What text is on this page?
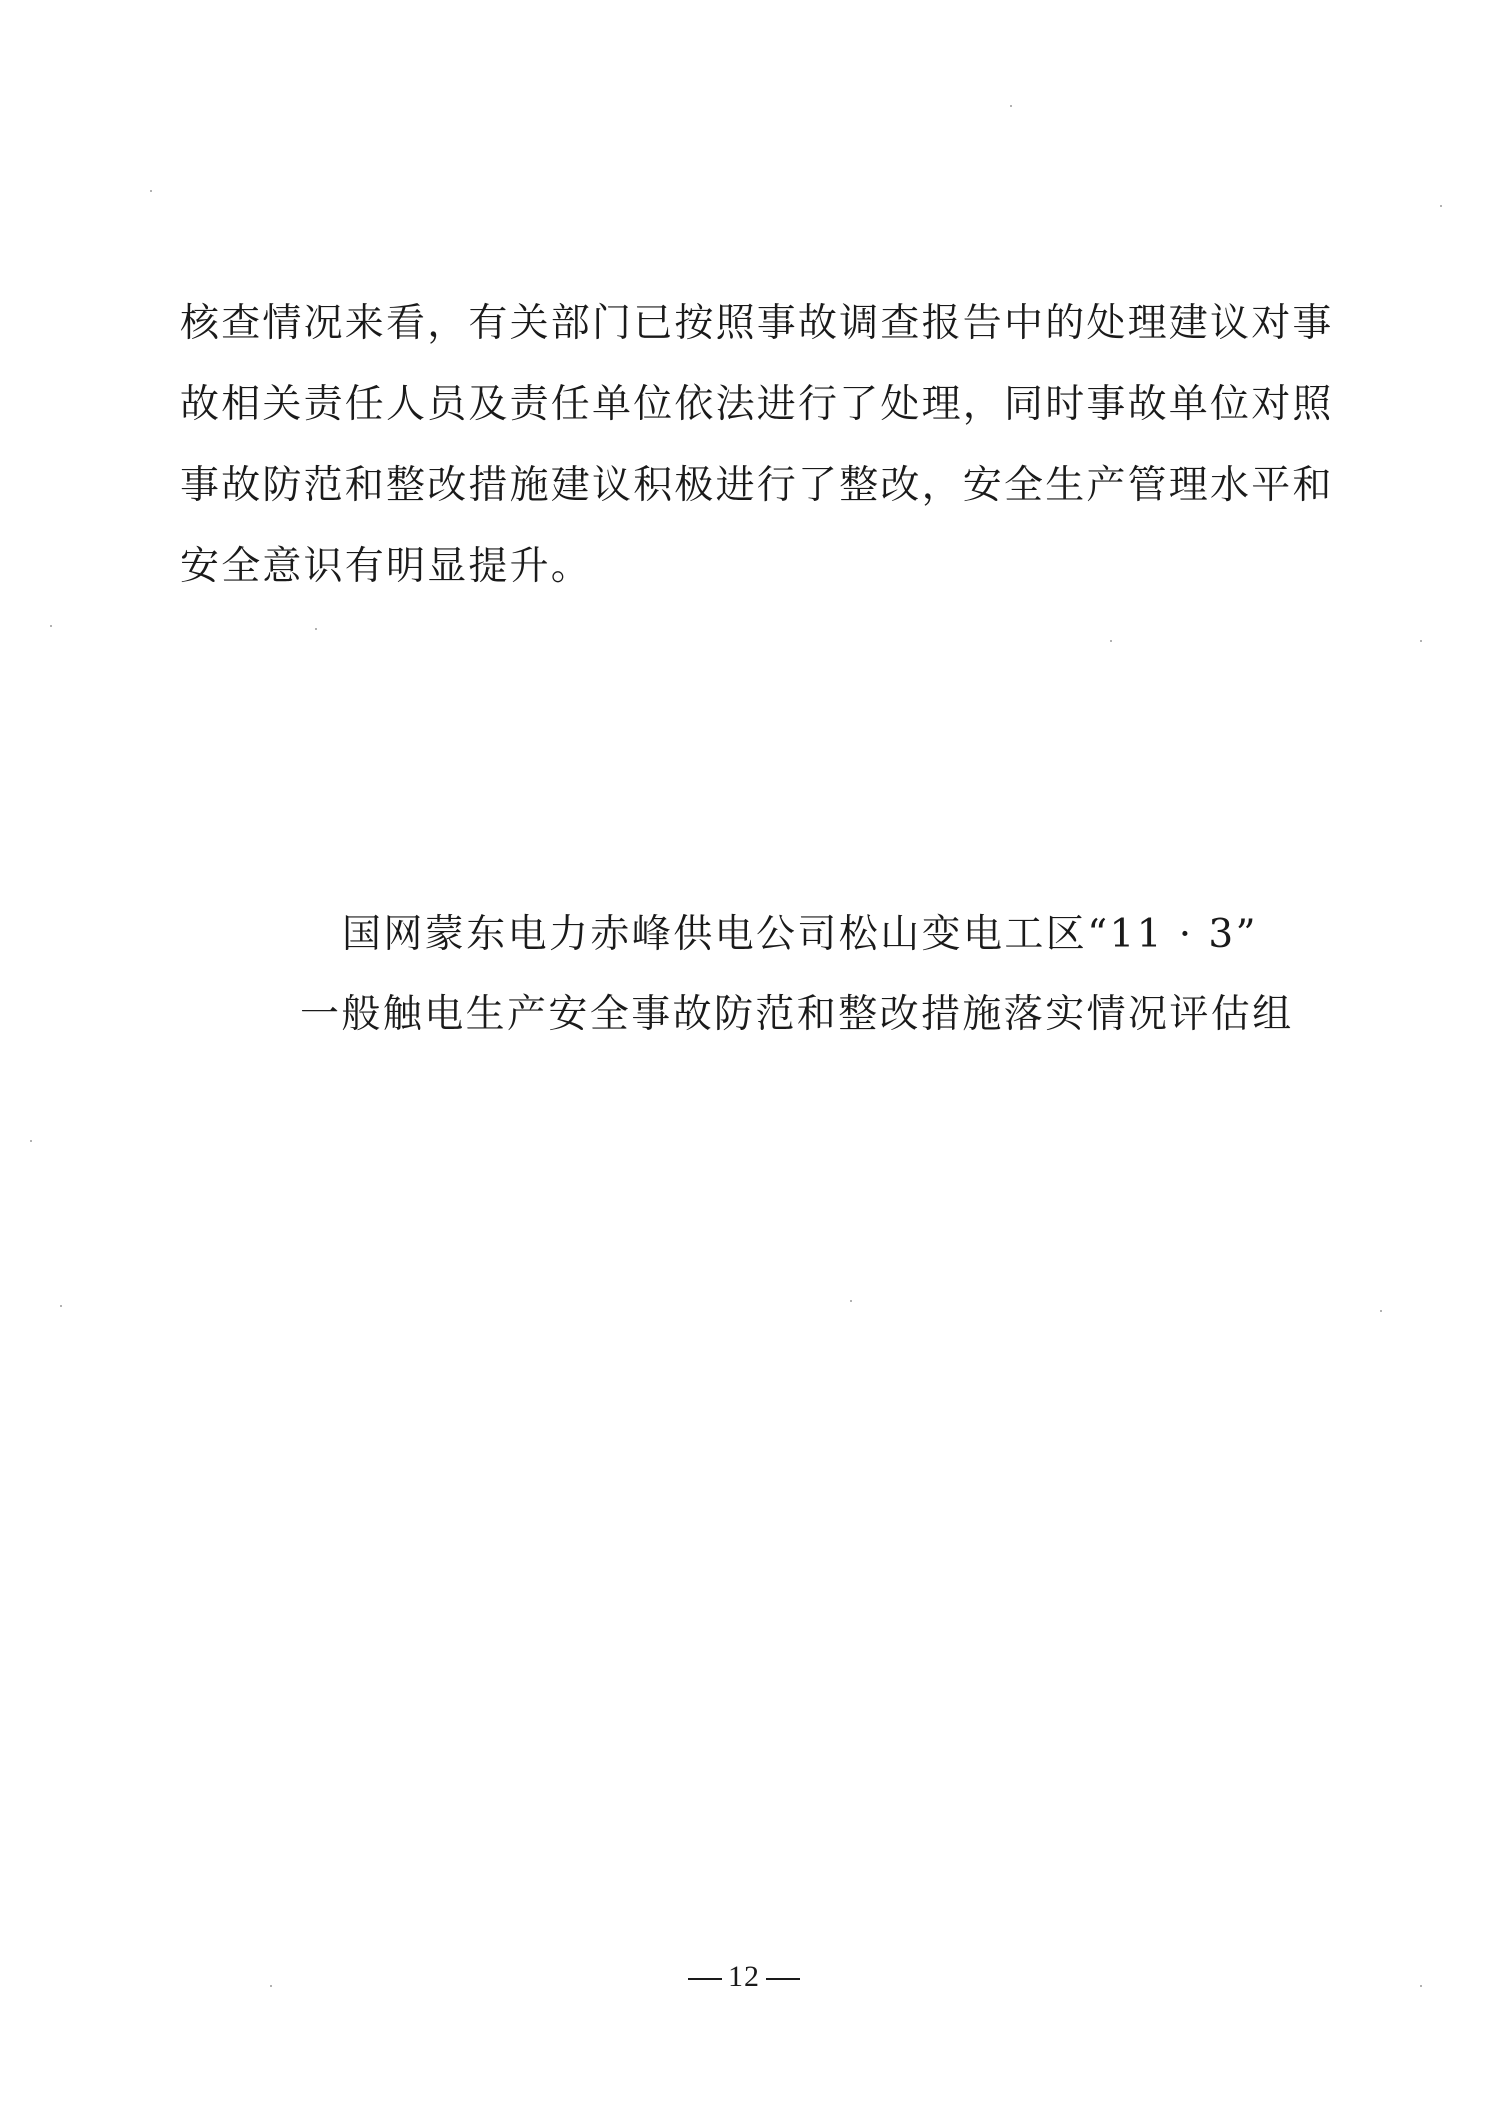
核查情况来看，有关部门已按照事故调查报告中的处理建议对事
故相关责任人员及责任单位依法进行了处理，同时事故单位对照
事故防范和整改措施建议积极进行了整改，安全生产管理水平和
安全意识有明显提升。

国网蒙东电力赤峰供电公司松山变电工区“11 · 3”
一般触电生产安全事故防范和整改措施落实情况评估组
12
